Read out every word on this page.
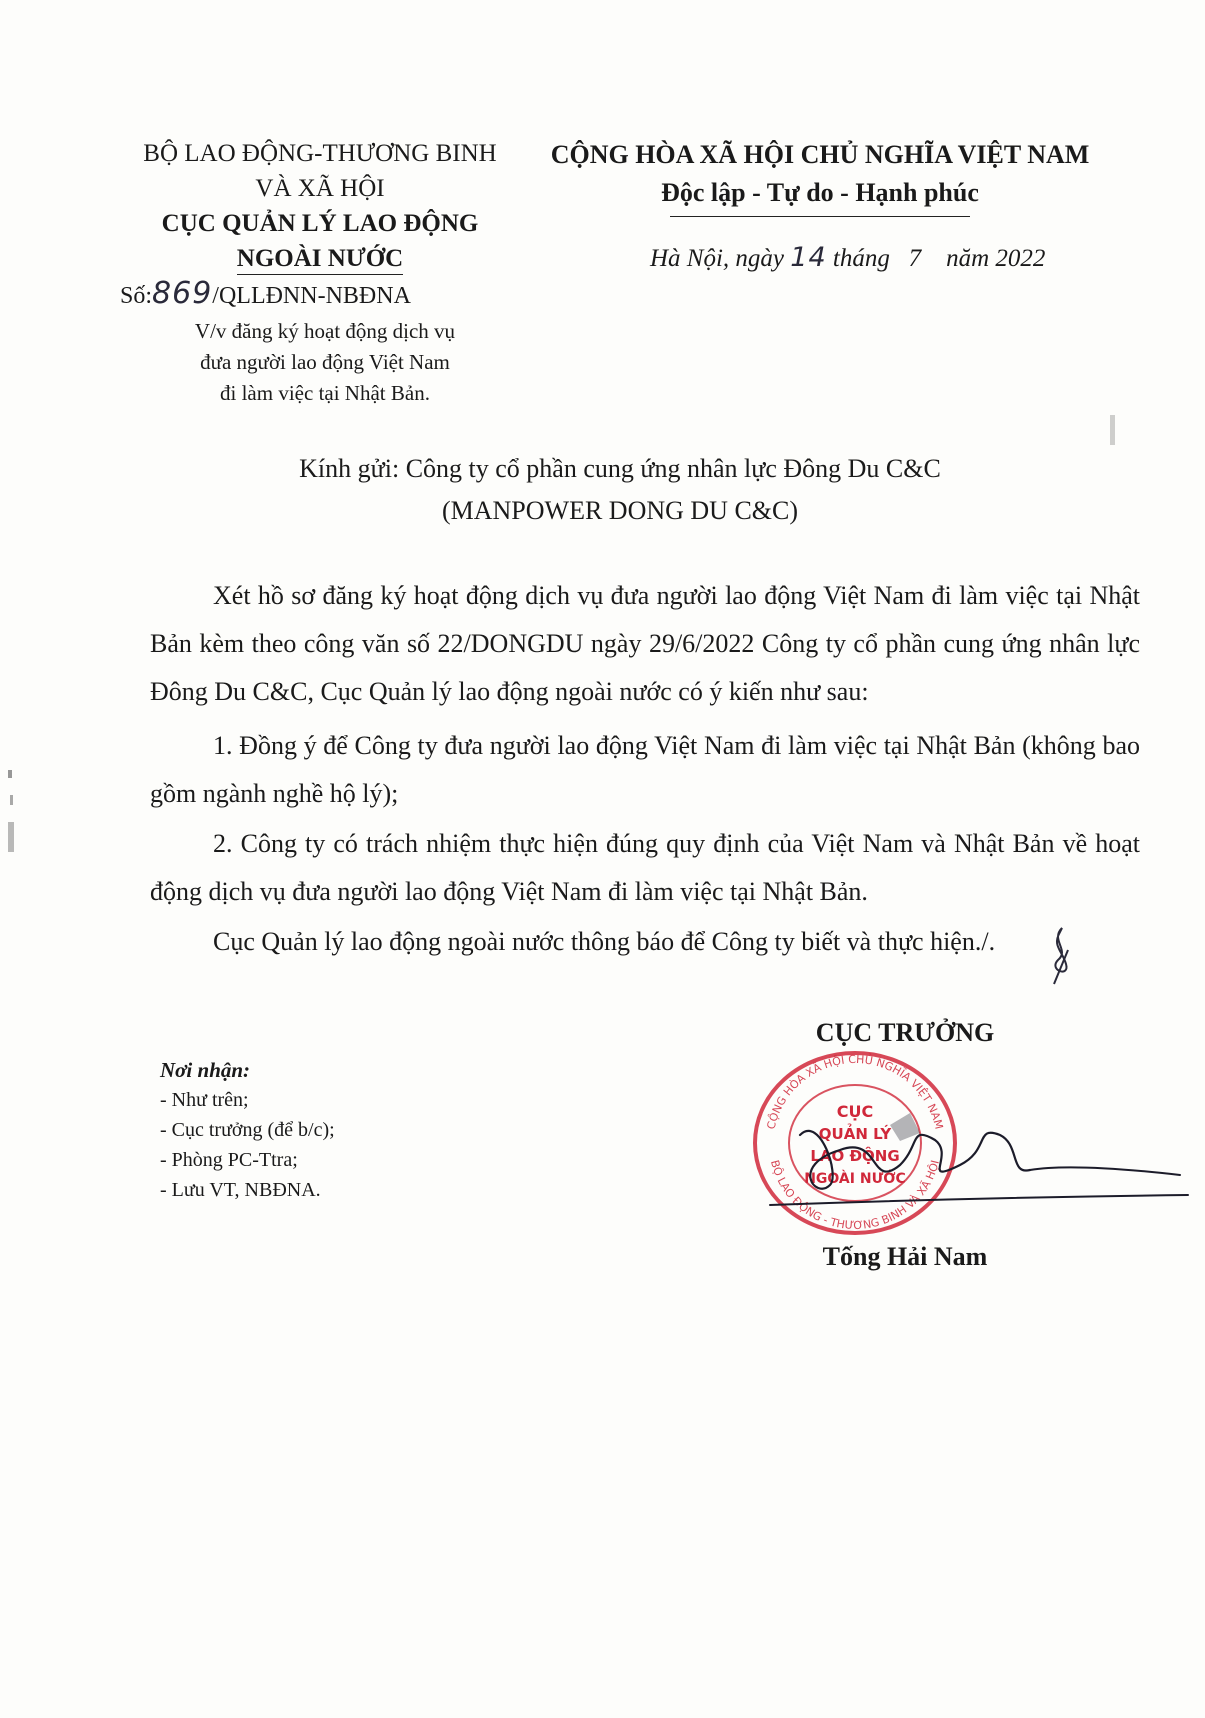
BỘ LAO ĐỘNG-THƯƠNG BINH
VÀ XÃ HỘI
CỤC QUẢN LÝ LAO ĐỘNG
NGOÀI NƯỚC
Số:869/QLLĐNN-NBĐNA
V/v đăng ký hoạt động dịch vụ
đưa người lao động Việt Nam
đi làm việc tại Nhật Bản.
CỘNG HÒA XÃ HỘI CHỦ NGHĨA VIỆT NAM
Độc lập - Tự do - Hạnh phúc
Hà Nội, ngày 14 tháng 7 năm 2022
Kính gửi: Công ty cổ phần cung ứng nhân lực Đông Du C&C
(MANPOWER DONG DU C&C)
Xét hồ sơ đăng ký hoạt động dịch vụ đưa người lao động Việt Nam đi làm việc tại Nhật Bản kèm theo công văn số 22/DONGDU ngày 29/6/2022 Công ty cổ phần cung ứng nhân lực Đông Du C&C, Cục Quản lý lao động ngoài nước có ý kiến như sau:
1. Đồng ý để Công ty đưa người lao động Việt Nam đi làm việc tại Nhật Bản (không bao gồm ngành nghề hộ lý);
2. Công ty có trách nhiệm thực hiện đúng quy định của Việt Nam và Nhật Bản về hoạt động dịch vụ đưa người lao động Việt Nam đi làm việc tại Nhật Bản.
Cục Quản lý lao động ngoài nước thông báo để Công ty biết và thực hiện./.
Nơi nhận:
- Như trên;
- Cục trưởng (để b/c);
- Phòng PC-Ttra;
- Lưu VT, NBĐNA.
CỤC TRƯỞNG
CỘNG HÒA XÃ HỘI CHỦ NGHĨA VIỆT NAM
BỘ LAO ĐỘNG - THƯƠNG BINH VÀ XÃ HỘI
CỤC
QUẢN LÝ
LAO ĐỘNG
NGOÀI NƯỚC
Tống Hải Nam
